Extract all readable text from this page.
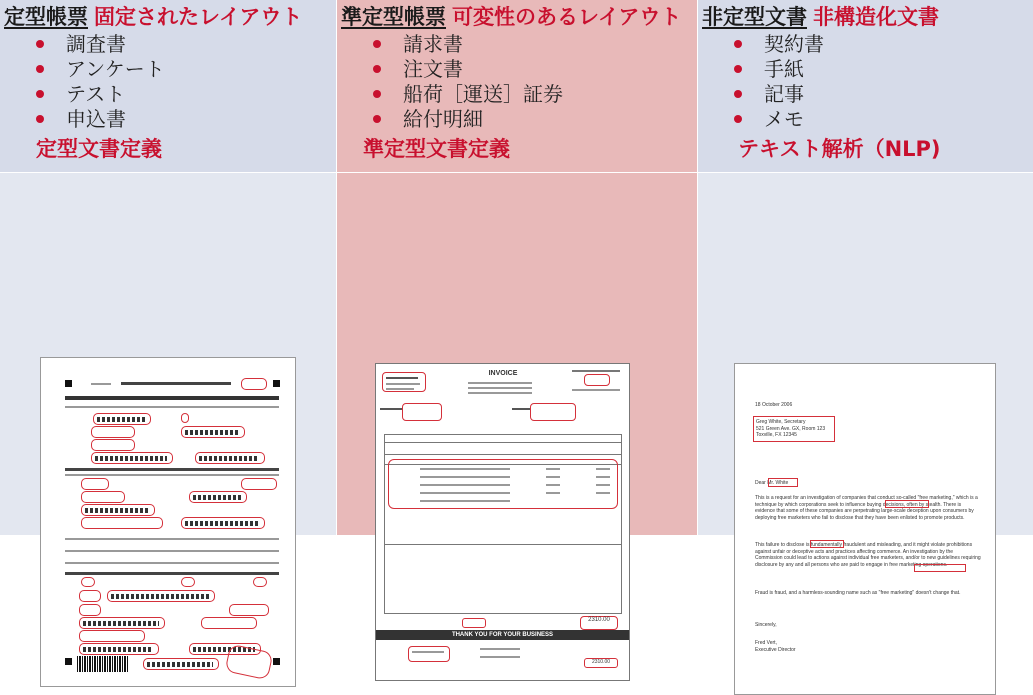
定型帳票 固定されたレイアウト
調査書
アンケート
テスト
申込書
定型文書定義
準定型帳票 可変性のあるレイアウト
請求書
注文書
船荷［運送］証券
給付明細
準定型文書定義
INVOICE
2310.00
THANK YOU FOR YOUR BUSINESS
2310.00
非定型文書 非構造化文書
契約書
手紙
記事
メモ
テキスト解析（NLP)
18 October 2006
Greg White, Secretary
521 Green Ave. GX, Room 123
Toxville, FX 12345
Dear Mr. White
This is a request for an investigation of companies that conduct so-called "free marketing," which is a technique by which corporations seek to influence buying decisions, often by stealth. There is evidence that some of these companies are perpetrating large-scale deception upon consumers by deploying free marketers who fail to disclose that they have been enlisted to promote products.
This failure to disclose is fundamentally fraudulent and misleading, and it might violate prohibitions against unfair or deceptive acts and practices affecting commerce. An investigation by the Commission could lead to actions against individual free marketers, and/or to new guidelines requiring disclosure by any and all persons who are paid to engage in free marketing operations.
Fraud is fraud, and a harmless-sounding name such as "free marketing" doesn't change that.
Sincerely,
Fred Vert,
Executive Director
